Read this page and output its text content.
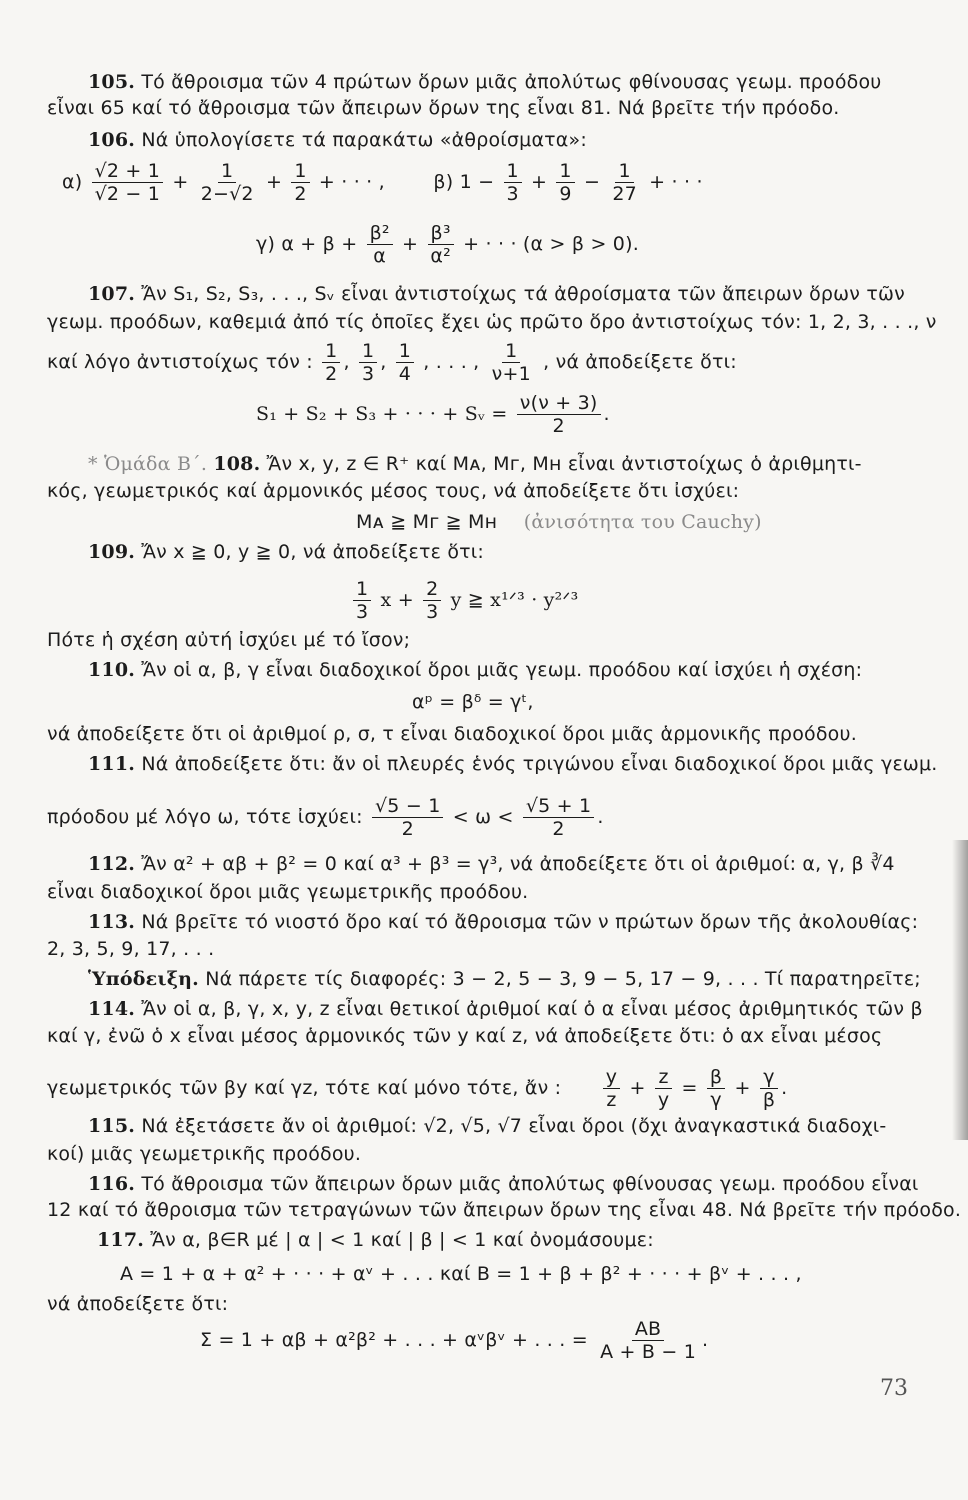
105. Τό ἄθροισμα τῶν 4 πρώτων ὅρων μιᾶς ἀπολύτως φθίνουσας γεωμ. προόδου
εἶναι 65 καί τό ἄθροισμα τῶν ἄπειρων ὅρων της εἶναι 81. Νά βρεῖτε τήν πρόοδο.
106. Νά ὑπολογίσετε τά παρακάτω «ἀθροίσματα»:
$\alpha) \frac{√2 + 1}{√2 - 1} + \frac{1}{2-√2} + \frac{1}{2}$ + · · · ,	β) $1 - \frac{1}{3} + \frac{1}{9} - \frac{1}{27}$ + · · ·
γ) $\alpha + \beta + \frac{\text{β²}}{\alpha} + \frac{\text{β³}}{\text{α²}}$ + · · · (α > β > 0).
107. Ἄν S₁, S₂, S₃, . . ., Sᵥ εἶναι ἀντιστοίχως τά ἀθροίσματα τῶν ἄπειρων ὅρων τῶν
γεωμ. προόδων, καθεμιά ἀπό τίς ὁποῖες ἔχει ὡς πρῶτο ὅρο ἀντιστοίχως τόν: 1, 2, 3, . . ., ν
καί λόγο ἀντιστοίχως τόν : $\frac{1}{2}$ , $\frac{1}{3}$ , $\frac{1}{4}$ , . . . , $\frac{1}{\nu+1}$ , νά ἀποδείξετε ὅτι:
S₁ + S₂ + S₃ + · · · + Sᵥ = $\frac{\nu(\nu + 3)}{2}$ .
* Ὁμάδα Β΄. 108. Ἄν x, y, z ∈ R⁺ καί Mᴀ, Mг, Mн εἶναι ἀντιστοίχως ὁ ἀριθμητι-
κός, γεωμετρικός καί ἁρμονικός μέσος τους, νά ἀποδείξετε ὅτι ἰσχύει:
Mᴀ ≧ Mг ≧ Mн (ἀνισότητα του Cauchy)
109. Ἄν x ≧ 0, y ≧ 0, νά ἀποδείξετε ὅτι:
$\frac{1}{3}$ $x + \frac{2}{3}$ y ≧ x¹ᐟ³ · y²ᐟ³
Πότε ἡ σχέση αὐτή ἰσχύει μέ τό ἴσον;
110. Ἄν οἱ α, β, γ εἶναι διαδοχικοί ὅροι μιᾶς γεωμ. προόδου καί ἰσχύει ἡ σχέση:
αᵖ = βᵟ = γᵗ,
νά ἀποδείξετε ὅτι οἱ ἀριθμοί ρ, σ, τ εἶναι διαδοχικοί ὅροι μιᾶς ἁρμονικῆς προόδου.
111. Νά ἀποδείξετε ὅτι: ἄν οἱ πλευρές ἑνός τριγώνου εἶναι διαδοχικοί ὅροι μιᾶς γεωμ.
πρόοδου μέ λόγο ω, τότε ἰσχύει: $\frac{√5 - 1}{2} < \omega < \frac{√5 + 1}{2}$ .
112. Ἄν α² + αβ + β² = 0 καί α³ + β³ = γ³, νά ἀποδείξετε ὅτι οἱ ἀριθμοί: α, γ, β ∛4
εἶναι διαδοχικοί ὅροι μιᾶς γεωμετρικῆς προόδου.
113. Νά βρεῖτε τό νιοστό ὅρο καί τό ἄθροισμα τῶν ν πρώτων ὅρων τῆς ἀκολουθίας:
2, 3, 5, 9, 17, . . .
Ὑπόδειξη. Νά πάρετε τίς διαφορές: 3 − 2, 5 − 3, 9 − 5, 17 − 9, . . . Τί παρατηρεῖτε;
114. Ἄν οἱ α, β, γ, x, y, z εἶναι θετικοί ἀριθμοί καί ὁ α εἶναι μέσος ἀριθμητικός τῶν β
καί γ, ἐνῶ ὁ x εἶναι μέσος ἁρμονικός τῶν y καί z, νά ἀποδείξετε ὅτι: ὁ αx εἶναι μέσος
γεωμετρικός τῶν βy καί γz, τότε καί μόνο τότε, ἄν : $\frac{y}{z} + \frac{z}{y} = \frac{\beta}{\gamma} + \frac{\gamma}{\beta}$ .
115. Νά ἐξετάσετε ἄν οἱ ἀριθμοί: √2, √5, √7 εἶναι ὅροι (ὄχι ἀναγκαστικά διαδοχι-
κοί) μιᾶς γεωμετρικῆς προόδου.
116. Τό ἄθροισμα τῶν ἄπειρων ὅρων μιᾶς ἀπολύτως φθίνουσας γεωμ. προόδου εἶναι
12 καί τό ἄθροισμα τῶν τετραγώνων τῶν ἄπειρων ὅρων της εἶναι 48. Νά βρεῖτε τήν πρόοδο.
117. Ἄν α, β∈R μέ | α | < 1 καί | β | < 1 καί ὀνομάσουμε:
A = 1 + α + α² + · · · + αᵛ + . . . καί B = 1 + β + β² + · · · + βᵛ + . . . ,
νά ἀποδείξετε ὅτι:
Σ = 1 + αβ + α²β² + . . . + αᵛβᵛ + . . . = $\frac{AB}{A + B - 1}$ .
73
